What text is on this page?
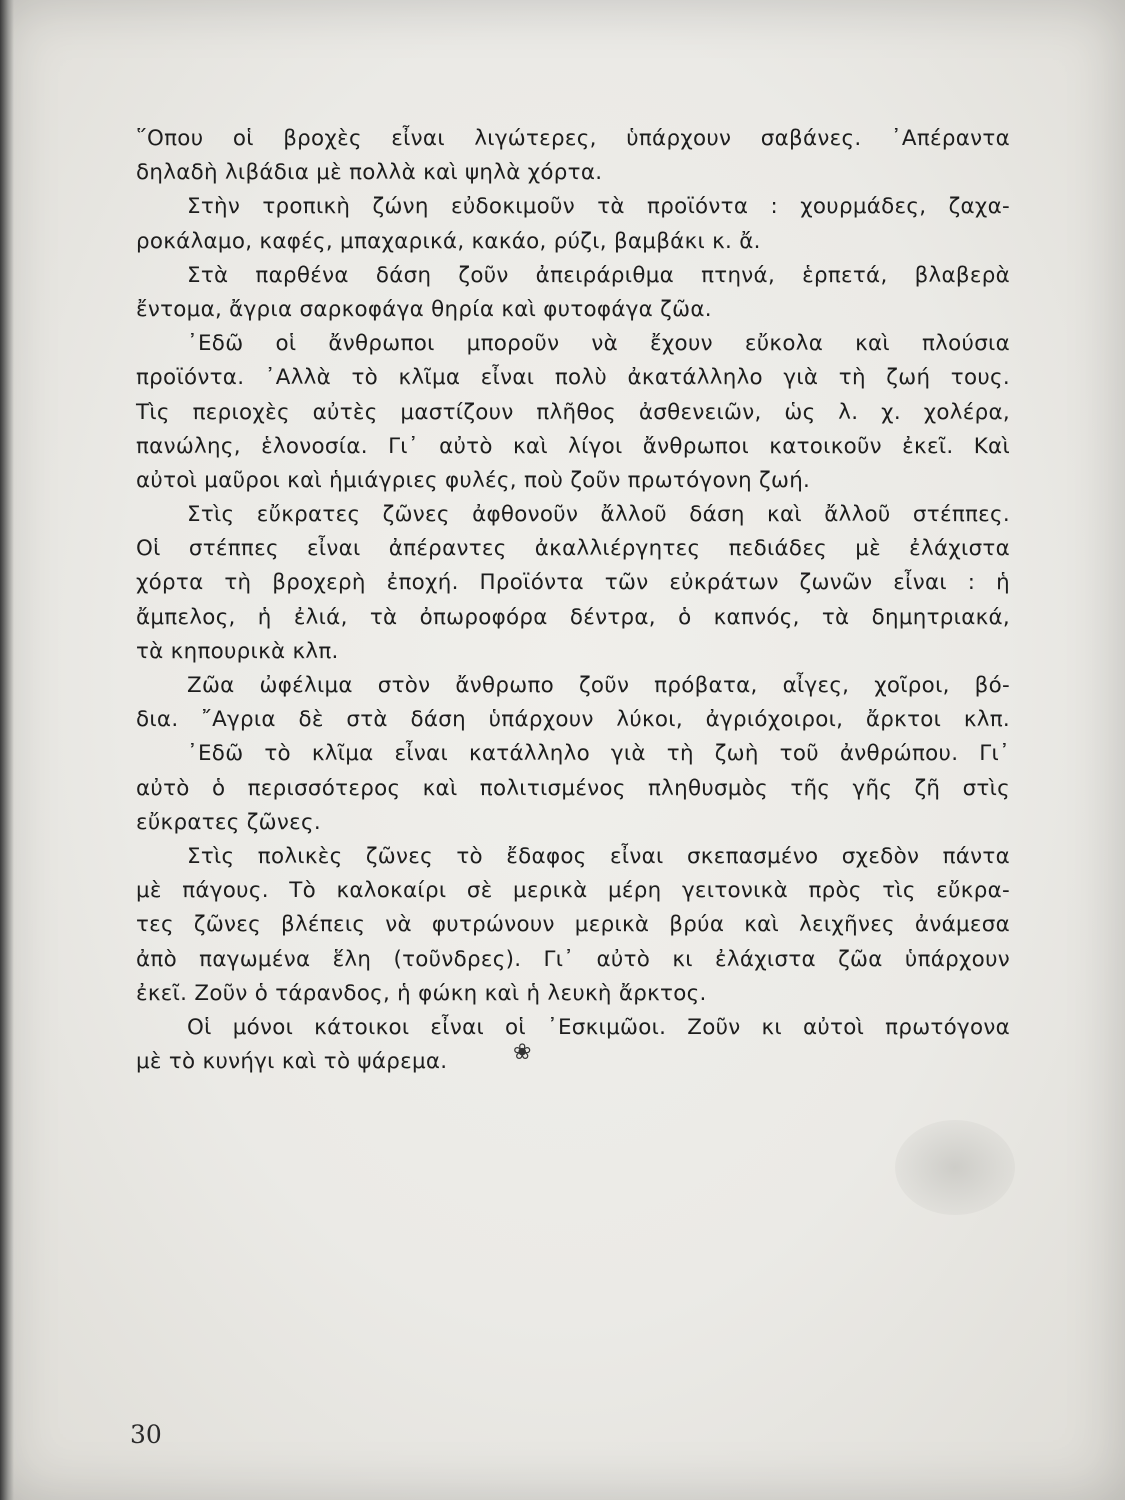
῞Οπου οἱ βροχὲς εἶναι λιγώτερες, ὑπάρχουν σαβάνες. ᾿Απέραντα
δηλαδὴ λιβάδια μὲ πολλὰ καὶ ψηλὰ χόρτα.
Στὴν τροπικὴ ζώνη εὐδοκιμοῦν τὰ προϊόντα : χουρμάδες, ζαχα-
ροκάλαμο, καφές, μπαχαρικά, κακάο, ρύζι, βαμβάκι κ. ἄ.
Στὰ παρθένα δάση ζοῦν ἀπειράριθμα πτηνά, ἑρπετά, βλαβερὰ
ἔντομα, ἄγρια σαρκοφάγα θηρία καὶ φυτοφάγα ζῶα.
᾿Εδῶ οἱ ἄνθρωποι μποροῦν νὰ ἔχουν εὔκολα καὶ πλούσια
προϊόντα. ᾿Αλλὰ τὸ κλῖμα εἶναι πολὺ ἀκατάλληλο γιὰ τὴ ζωή τους.
Τὶς περιοχὲς αὐτὲς μαστίζουν πλῆθος ἀσθενειῶν, ὡς λ. χ. χολέρα,
πανώλης, ἑλονοσία. Γι᾿ αὐτὸ καὶ λίγοι ἄνθρωποι κατοικοῦν ἐκεῖ. Καὶ
αὐτοὶ μαῦροι καὶ ἡμιάγριες φυλές, ποὺ ζοῦν πρωτόγονη ζωή.
Στὶς εὔκρατες ζῶνες ἀφθονοῦν ἄλλοῦ δάση καὶ ἄλλοῦ στέππες.
Οἱ στέππες εἶναι ἀπέραντες ἀκαλλιέργητες πεδιάδες μὲ ἐλάχιστα
χόρτα τὴ βροχερὴ ἐποχή. Προϊόντα τῶν εὐκράτων ζωνῶν εἶναι : ἡ
ἄμπελος, ἡ ἐλιά, τὰ ὀπωροφόρα δέντρα, ὁ καπνός, τὰ δημητριακά,
τὰ κηπουρικὰ κλπ.
Ζῶα ὠφέλιμα στὸν ἄνθρωπο ζοῦν πρόβατα, αἶγες, χοῖροι, βό-
δια. ῎Αγρια δὲ στὰ δάση ὑπάρχουν λύκοι, ἀγριόχοιροι, ἄρκτοι κλπ.
᾿Εδῶ τὸ κλῖμα εἶναι κατάλληλο γιὰ τὴ ζωὴ τοῦ ἀνθρώπου. Γι᾿
αὐτὸ ὁ περισσότερος καὶ πολιτισμένος πληθυσμὸς τῆς γῆς ζῆ στὶς
εὔκρατες ζῶνες.
Στὶς πολικὲς ζῶνες τὸ ἔδαφος εἶναι σκεπασμένο σχεδὸν πάντα
μὲ πάγους. Τὸ καλοκαίρι σὲ μερικὰ μέρη γειτονικὰ πρὸς τὶς εὔκρα-
τες ζῶνες βλέπεις νὰ φυτρώνουν μερικὰ βρύα καὶ λειχῆνες ἀνάμεσα
ἀπὸ παγωμένα ἕλη (τοῦνδρες). Γι᾿ αὐτὸ κι ἐλάχιστα ζῶα ὑπάρχουν
ἐκεῖ. Ζοῦν ὁ τάρανδος, ἡ φώκη καὶ ἡ λευκὴ ἄρκτος.
Οἱ μόνοι κάτοικοι εἶναι οἱ ᾿Εσκιμῶοι. Ζοῦν κι αὐτοὶ πρωτόγονα
μὲ τὸ κυνήγι καὶ τὸ ψάρεμα.	❀
30
